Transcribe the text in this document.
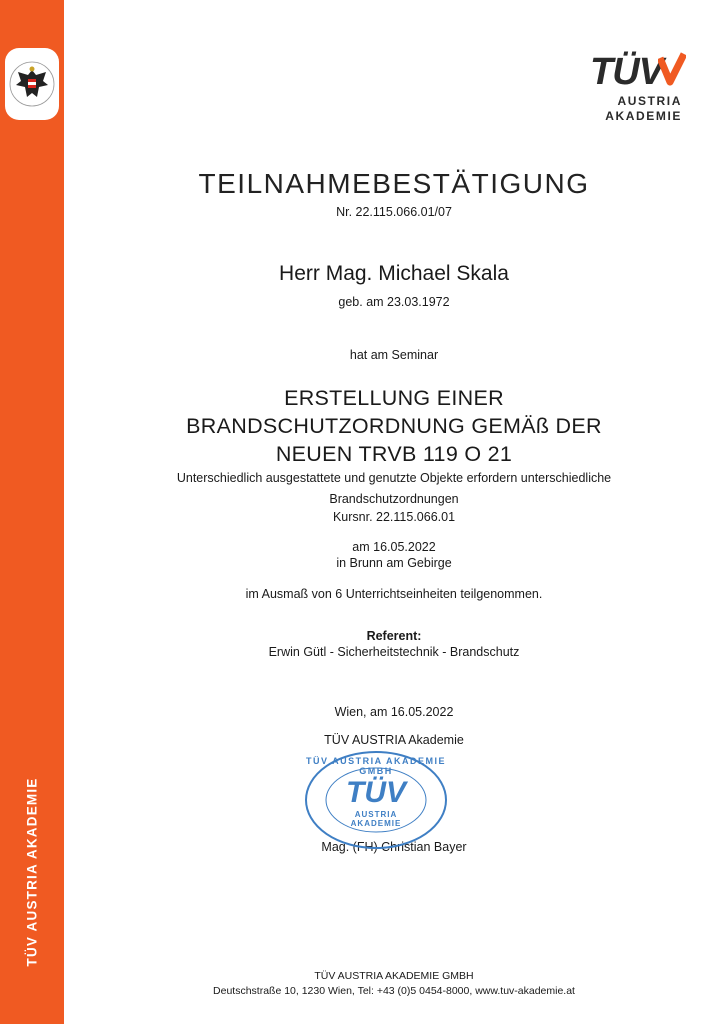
TÜV AUSTRIA AKADEMIE
TÜV
AUSTRIA
AKADEMIE
TEILNAHMEBESTÄTIGUNG
Nr. 22.115.066.01/07
Herr Mag. Michael Skala
geb. am 23.03.1972
hat am Seminar
ERSTELLUNG EINER
BRANDSCHUTZORDNUNG GEMÄß DER
NEUEN TRVB 119 O 21
Unterschiedlich ausgestattete und genutzte Objekte erfordern unterschiedliche
Brandschutzordnungen
Kursnr. 22.115.066.01
am 16.05.2022
in Brunn am Gebirge
im Ausmaß von 6 Unterrichtseinheiten teilgenommen.
Referent:
Erwin Gütl - Sicherheitstechnik - Brandschutz
Wien, am 16.05.2022
TÜV AUSTRIA Akademie
Mag. (FH) Christian Bayer
TÜV AUSTRIA AKADEMIE GMBH
Deutschstraße 10, 1230 Wien, Tel: +43 (0)5 0454-8000, www.tuv-akademie.at
TÜV AUSTRIA AKADEMIE GMBH
TÜV
AUSTRIA
AKADEMIE
